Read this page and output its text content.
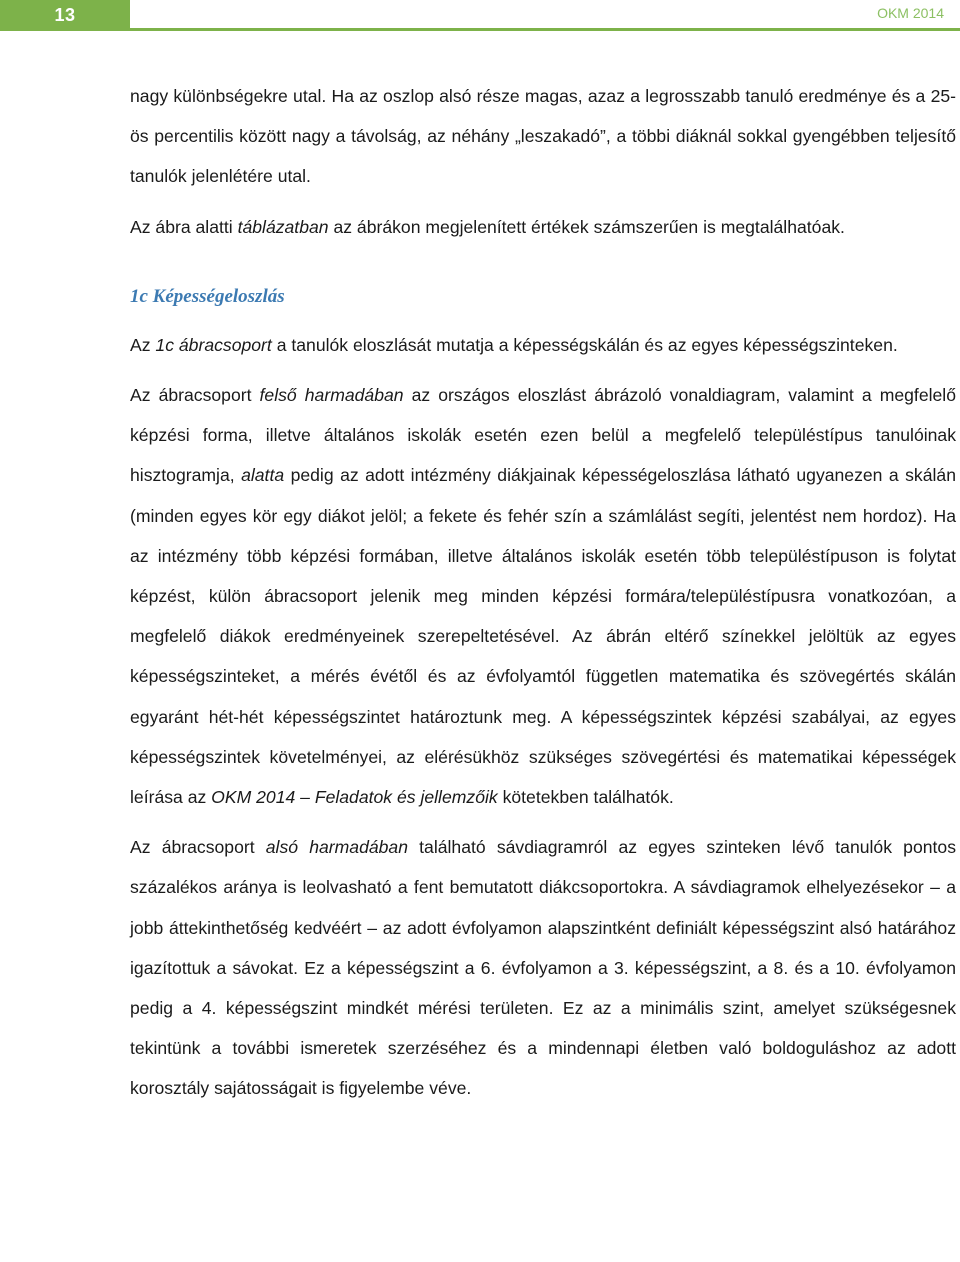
13	OKM 2014

nagy különbségekre utal. Ha az oszlop alsó része magas, azaz a legrosszabb tanuló eredménye és a 25-ös percentilis között nagy a távolság, az néhány „leszakadó”, a többi diáknál sokkal gyengébben teljesítő tanulók jelenlétére utal.

Az ábra alatti táblázatban az ábrákon megjelenített értékek számszerűen is megtalálhatóak.

1c Képességeloszlás

Az 1c ábracsoport a tanulók eloszlását mutatja a képességskálán és az egyes képességszinteken.

Az ábracsoport felső harmadában az országos eloszlást ábrázoló vonaldiagram, valamint a megfelelő képzési forma, illetve általános iskolák esetén ezen belül a megfelelő településtípus tanulóinak hisztogramja, alatta pedig az adott intézmény diákjainak képességeloszlása látható ugyanezen a skálán (minden egyes kör egy diákot jelöl; a fekete és fehér szín a számlálást segíti, jelentést nem hordoz). Ha az intézmény több képzési formában, illetve általános iskolák esetén több településtípuson is folytat képzést, külön ábracsoport jelenik meg minden képzési formára/településtípusra vonatkozóan, a megfelelő diákok eredményeinek szerepeltetésével. Az ábrán eltérő színekkel jelöltük az egyes képességszinteket, a mérés évétől és az évfolyamtól független matematika és szövegértés skálán egyaránt hét-hét képességszintet határoztunk meg. A képességszintek képzési szabályai, az egyes képességszintek követelményei, az elérésükhöz szükséges szövegértési és matematikai képességek leírása az OKM 2014 – Feladatok és jellemzőik kötetekben találhatók.

Az ábracsoport alsó harmadában található sávdiagramról az egyes szinteken lévő tanulók pontos százalékos aránya is leolvasható a fent bemutatott diákcsoportokra. A sávdiagramok elhelyezésekor – a jobb áttekinthetőség kedvéért – az adott évfolyamon alapszintként definiált képességszint alsó határához igazítottuk a sávokat. Ez a képességszint a 6. évfolyamon a 3. képességszint, a 8. és a 10. évfolyamon pedig a 4. képességszint mindkét mérési területen. Ez az a minimális szint, amelyet szükségesnek tekintünk a további ismeretek szerzéséhez és a mindennapi életben való boldoguláshoz az adott korosztály sajátosságait is figyelembe véve.
